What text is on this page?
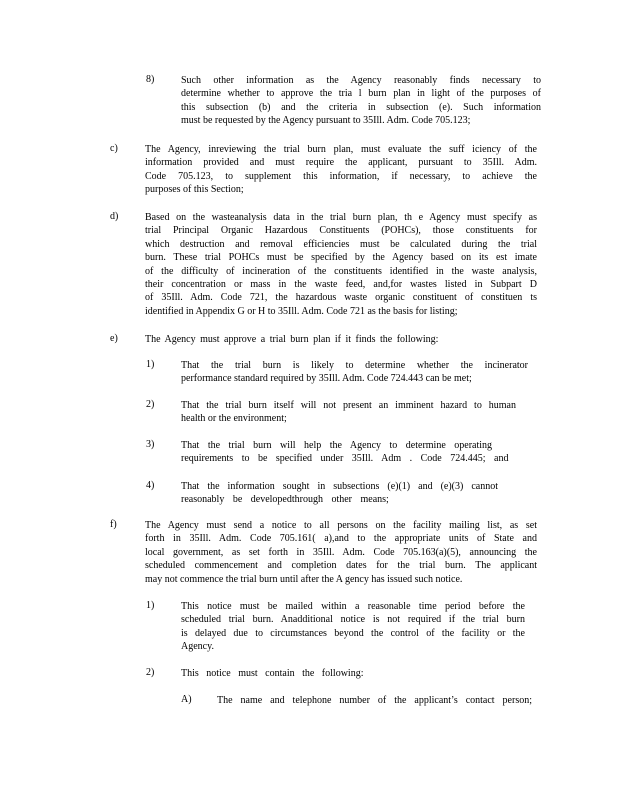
8)	Such other information as the Agency reasonably finds necessary to
determine whether to approve the tria l burn plan in light of the purposes of
this subsection (b) and the criteria in subsection (e). Such information
must be requested by the Agency pursuant to 35Ill. Adm. Code 705.123;
c)	The Agency, inreviewing the trial burn plan, must evaluate the suff iciency of the
information provided and must require the applicant, pursuant to 35Ill. Adm.
Code 705.123, to supplement this information, if necessary, to achieve the
purposes of this Section;
d)	Based on the wasteanalysis data in the trial burn plan, th e Agency must specify as
trial Principal Organic Hazardous Constituents (POHCs), those constituents for
which destruction and removal efficiencies must be calculated during the trial
burn. These trial POHCs must be specified by the Agency based on its est imate
of the difficulty of incineration of the constituents identified in the waste analysis,
their concentration or mass in the waste feed, and,for wastes listed in Subpart D
of 35Ill. Adm. Code 721, the hazardous waste organic constituent of constituen ts
identified in Appendix G or H to 35Ill. Adm. Code 721 as the basis for listing;
e)	The Agency must approve a trial burn plan if it finds the following:
1)	That the trial burn is likely to determine whether the incinerator
performance standard required by 35Ill. Adm. Code 724.443 can be met;
2)	That the trial burn itself will not present an imminent hazard to human
health or the environment;
3)	That the trial burn will help the Agency to determine operating
requirements to be specified under 35Ill. Adm . Code 724.445; and
4)	That the information sought in subsections (e)(1) and (e)(3) cannot
reasonably be developedthrough other means;
f)	The Agency must send a notice to all persons on the facility mailing list, as set
forth in 35Ill. Adm. Code 705.161( a),and to the appropriate units of State and
local government, as set forth in 35Ill. Adm. Code 705.163(a)(5), announcing the
scheduled commencement and completion dates for the trial burn. The applicant
may not commence the trial burn until after the A gency has issued such notice.
1)	This notice must be mailed within a reasonable time period before the
scheduled trial burn. Anadditional notice is not required if the trial burn
is delayed due to circumstances beyond the control of the facility or the
Agency.
2)	This notice must contain the following:
A)	The name and telephone number of the applicant’s contact person;
